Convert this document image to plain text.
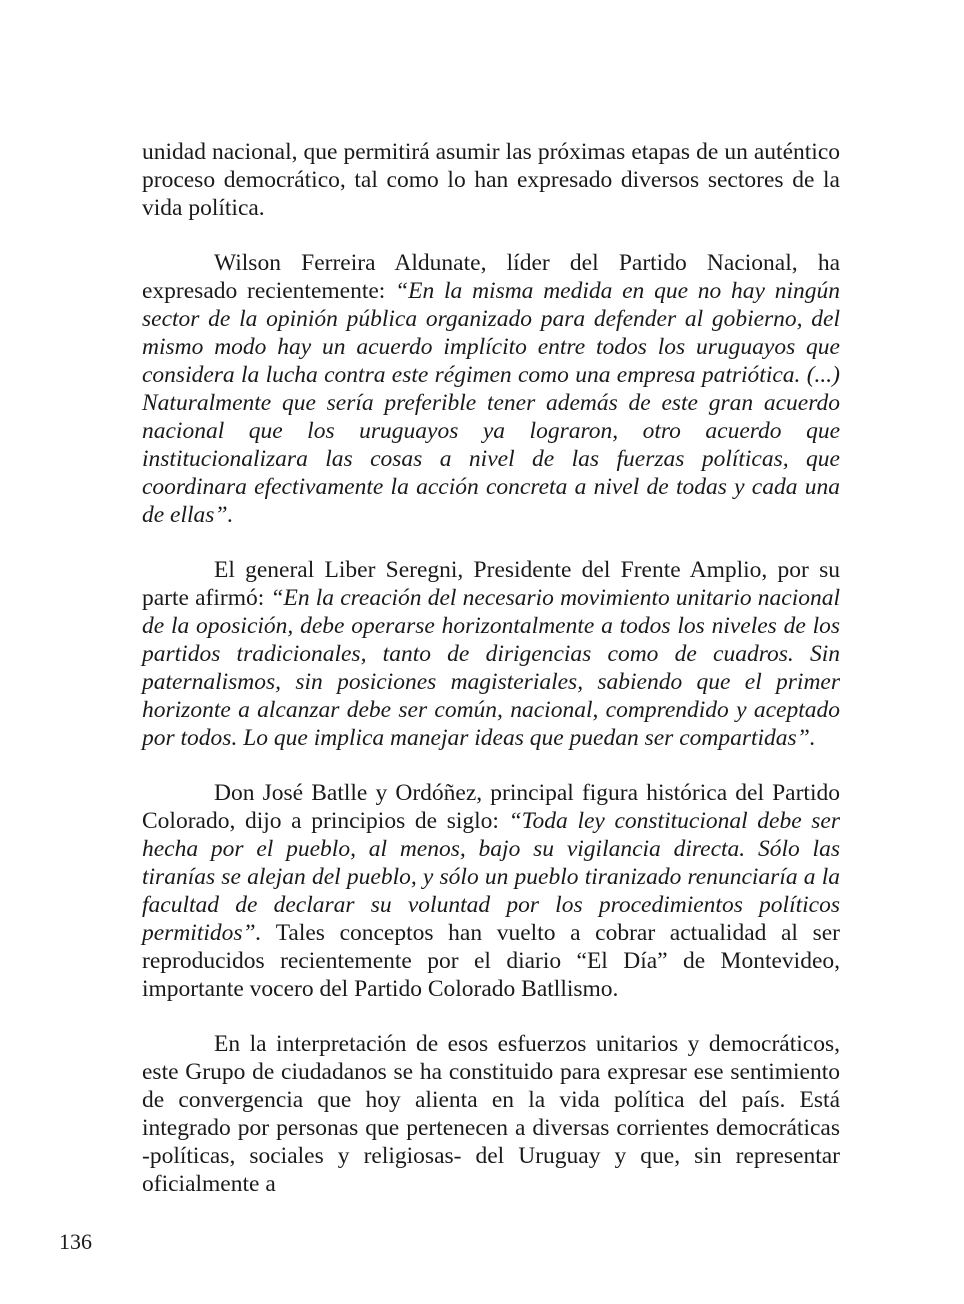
unidad nacional, que permitirá asumir las próximas etapas de un auténtico proceso democrático, tal como lo han expresado diversos sectores de la vida política.

Wilson Ferreira Aldunate, líder del Partido Nacional, ha expresado recientemente: “En la misma medida en que no hay ningún sector de la opinión pública organizado para defender al gobierno, del mismo modo hay un acuerdo implícito entre todos los uruguayos que considera la lucha contra este régimen como una empresa patriótica. (...) Naturalmente que sería preferible tener además de este gran acuerdo nacional que los uruguayos ya lograron, otro acuerdo que institucionalizara las cosas a nivel de las fuerzas políticas, que coordinara efectivamente la acción concreta a nivel de todas y cada una de ellas”.

El general Liber Seregni, Presidente del Frente Amplio, por su parte afirmó: “En la creación del necesario movimiento unitario nacional de la oposición, debe operarse horizontalmente a todos los niveles de los partidos tradicionales, tanto de dirigencias como de cuadros. Sin paternalismos, sin posiciones magisteriales, sabiendo que el primer horizonte a alcanzar debe ser común, nacional, comprendido y aceptado por todos. Lo que implica manejar ideas que puedan ser compartidas”.

Don José Batlle y Ordóñez, principal figura histórica del Partido Colorado, dijo a principios de siglo: “Toda ley constitucional debe ser hecha por el pueblo, al menos, bajo su vigilancia directa. Sólo las tiranías se alejan del pueblo, y sólo un pueblo tiranizado renunciaría a la facultad de declarar su voluntad por los procedimientos políticos permitidos”. Tales conceptos han vuelto a cobrar actualidad al ser reproducidos recientemente por el diario “El Día” de Montevideo, importante vocero del Partido Colorado Batllismo.

En la interpretación de esos esfuerzos unitarios y democráticos, este Grupo de ciudadanos se ha constituido para expresar ese sentimiento de convergencia que hoy alienta en la vida política del país. Está integrado por personas que pertenecen a diversas corrientes democráticas -políticas, sociales y religiosas- del Uruguay y que, sin representar oficialmente a

136
